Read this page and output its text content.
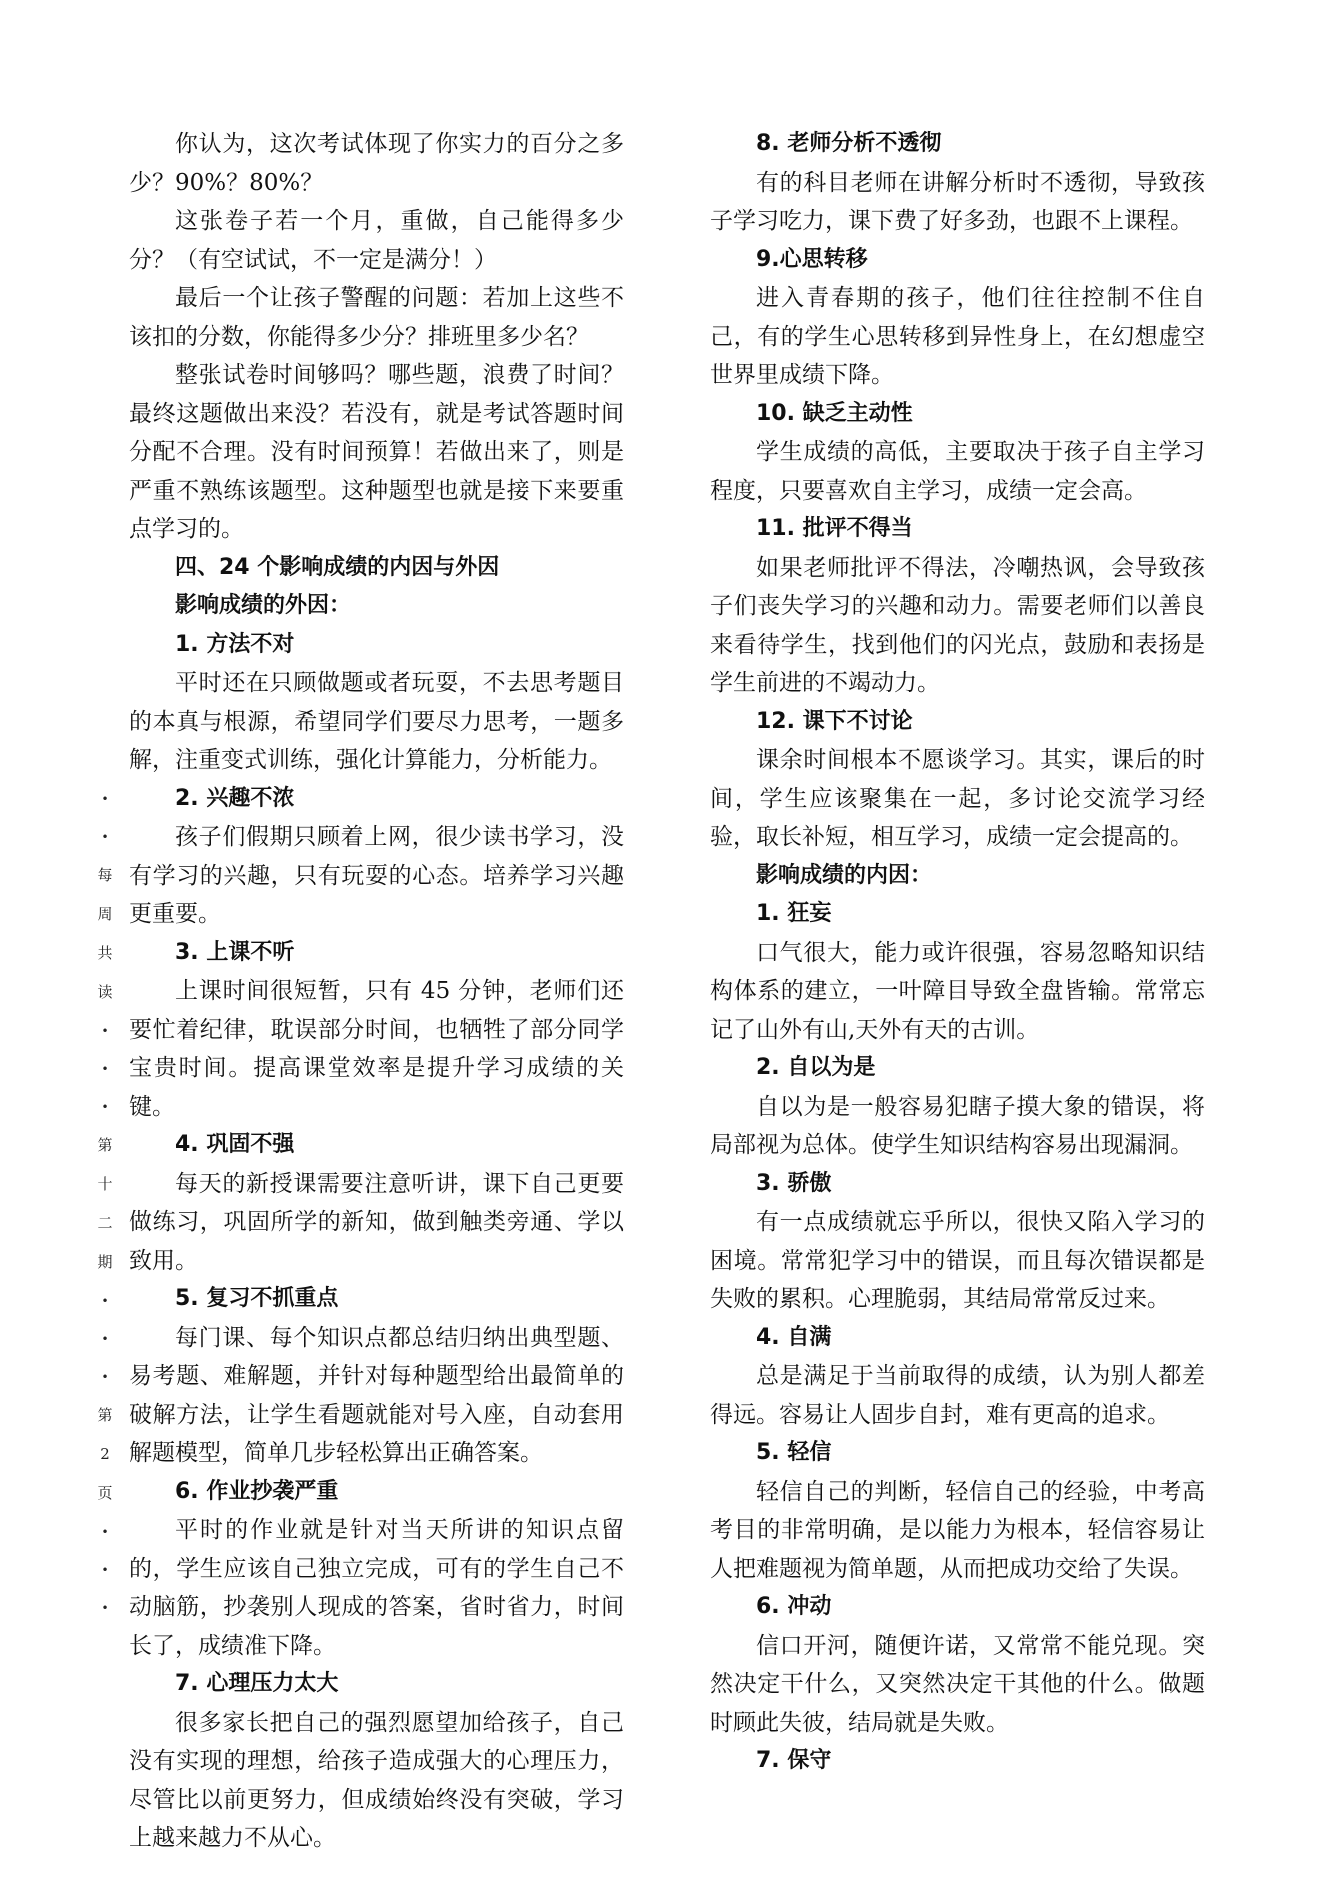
你认为，这次考试体现了你实力的百分之多少？90%？80%？

这张卷子若一个月，重做，自己能得多少分？（有空试试，不一定是满分！）

最后一个让孩子警醒的问题：若加上这些不该扣的分数，你能得多少分？排班里多少名？

整张试卷时间够吗？哪些题，浪费了时间？最终这题做出来没？若没有，就是考试答题时间分配不合理。没有时间预算！若做出来了，则是严重不熟练该题型。这种题型也就是接下来要重点学习的。

四、24 个影响成绩的内因与外因

影响成绩的外因：

1. 方法不对

平时还在只顾做题或者玩耍，不去思考题目的本真与根源，希望同学们要尽力思考，一题多解，注重变式训练，强化计算能力，分析能力。

2. 兴趣不浓

孩子们假期只顾着上网，很少读书学习，没有学习的兴趣，只有玩耍的心态。培养学习兴趣更重要。

3. 上课不听

上课时间很短暂，只有 45 分钟，老师们还要忙着纪律，耽误部分时间，也牺牲了部分同学宝贵时间。提高课堂效率是提升学习成绩的关键。

4. 巩固不强

每天的新授课需要注意听讲，课下自己更要做练习，巩固所学的新知，做到触类旁通、学以致用。

5. 复习不抓重点

每门课、每个知识点都总结归纳出典型题、易考题、难解题，并针对每种题型给出最简单的破解方法，让学生看题就能对号入座，自动套用解题模型，简单几步轻松算出正确答案。

6. 作业抄袭严重

平时的作业就是针对当天所讲的知识点留的，学生应该自己独立完成，可有的学生自己不动脑筋，抄袭别人现成的答案，省时省力，时间长了，成绩准下降。

7. 心理压力太大

很多家长把自己的强烈愿望加给孩子，自己没有实现的理想，给孩子造成强大的心理压力，尽管比以前更努力，但成绩始终没有突破，学习上越来越力不从心。

8. 老师分析不透彻

有的科目老师在讲解分析时不透彻，导致孩子学习吃力，课下费了好多劲，也跟不上课程。

9.心思转移

进入青春期的孩子，他们往往控制不住自己，有的学生心思转移到异性身上，在幻想虚空世界里成绩下降。

10. 缺乏主动性

学生成绩的高低，主要取决于孩子自主学习程度，只要喜欢自主学习，成绩一定会高。

11. 批评不得当

如果老师批评不得法，冷嘲热讽，会导致孩子们丧失学习的兴趣和动力。需要老师们以善良来看待学生，找到他们的闪光点，鼓励和表扬是学生前进的不竭动力。

12. 课下不讨论

课余时间根本不愿谈学习。其实，课后的时间，学生应该聚集在一起，多讨论交流学习经验，取长补短，相互学习，成绩一定会提高的。

影响成绩的内因：

1. 狂妄

口气很大，能力或许很强，容易忽略知识结构体系的建立，一叶障目导致全盘皆输。常常忘记了山外有山,天外有天的古训。

2. 自以为是

自以为是一般容易犯瞎子摸大象的错误，将局部视为总体。使学生知识结构容易出现漏洞。

3. 骄傲

有一点成绩就忘乎所以，很快又陷入学习的困境。常常犯学习中的错误，而且每次错误都是失败的累积。心理脆弱，其结局常常反过来。

4. 自满

总是满足于当前取得的成绩，认为别人都差得远。容易让人固步自封，难有更高的追求。

5. 轻信

轻信自己的判断，轻信自己的经验，中考高考目的非常明确，是以能力为根本，轻信容易让人把难题视为简单题，从而把成功交给了失误。

6. 冲动

信口开河，随便许诺，又常常不能兑现。突然决定干什么，又突然决定干其他的什么。做题时顾此失彼，结局就是失败。

7. 保守

•
•
每
周
共
读
•
•
•
第
十
二
期
•
•
•
第
2
页
•
•
•
